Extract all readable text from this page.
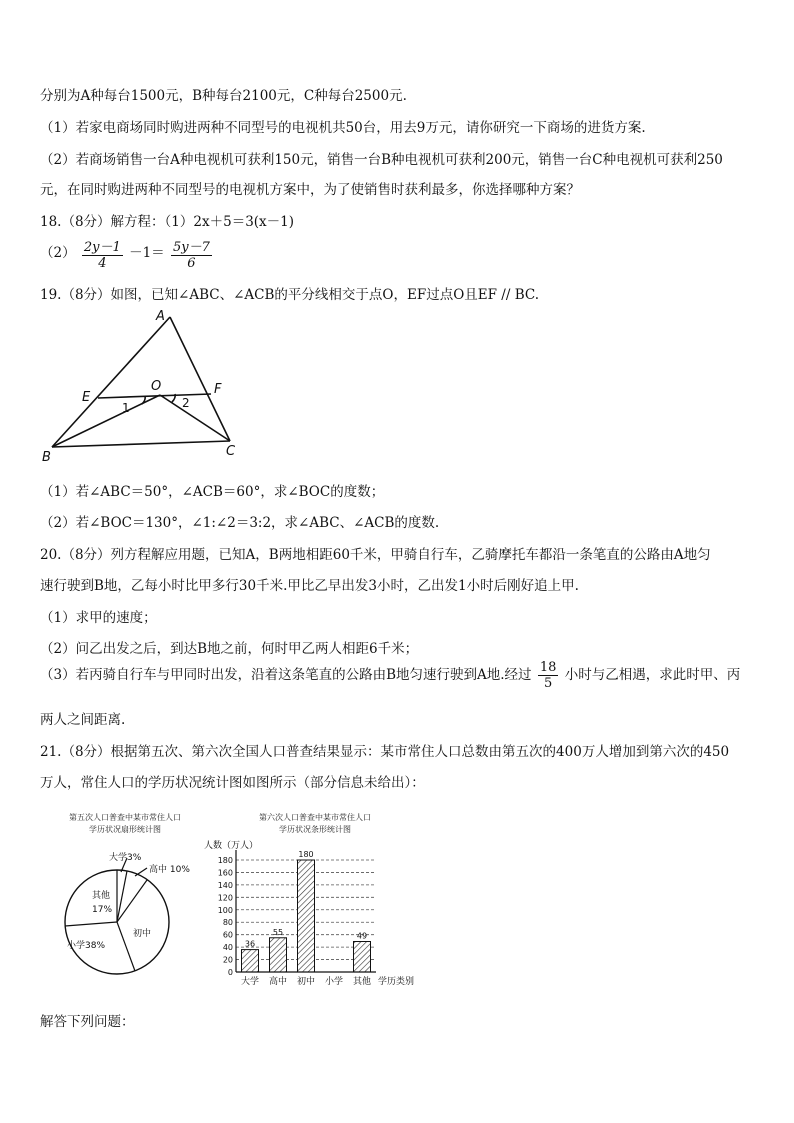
分别为A种每台1500元，B种每台2100元，C种每台2500元.
（1）若家电商场同时购进两种不同型号的电视机共50台，用去9万元，请你研究一下商场的进货方案.
（2）若商场销售一台A种电视机可获利150元，销售一台B种电视机可获利200元，销售一台C种电视机可获利250
元，在同时购进两种不同型号的电视机方案中，为了使销售时获利最多，你选择哪种方案？
18.（8分）解方程：（1）2x＋5＝3(x－1)
$(2) \frac{2y-1}{4} -1= \frac{5y-7}{6}$
19.（8分）如图，已知∠ABC、∠ACB的平分线相交于点O，EF过点O且EF // BC.
A
B	C
E
F
O
1	2
（1）若∠ABC＝50°，∠ACB＝60°，求∠BOC的度数；
（2）若∠BOC＝130°，∠1:∠2＝3:2，求∠ABC、∠ACB的度数.
20.（8分）列方程解应用题，已知A，B两地相距60千米，甲骑自行车，乙骑摩托车都沿一条笔直的公路由A地匀
速行驶到B地，乙每小时比甲多行30千米.甲比乙早出发3小时，乙出发1小时后刚好追上甲.
（1）求甲的速度；
（2）问乙出发之后，到达B地之前，何时甲乙两人相距6千米；
（3）若丙骑自行车与甲同时出发，沿着这条笔直的公路由B地匀速行驶到A地.经过 $\frac{18}{5}$ 小时与乙相遇，求此时甲、丙
两人之间距离.
21.（8分）根据第五次、第六次全国人口普查结果显示：某市常住人口总数由第五次的400万人增加到第六次的450
万人，常住人口的学历状况统计图如图所示（部分信息未给出）：
第五次人口普查中某市常住人口
学历状况扇形统计图
大学3%
高中 10%
其他
17%
小学38%
初中
第六次人口普查中某市常住人口
学历状况条形统计图
人数（万人）
学历类别
0
20
40
60
80
100
120
140
160
180
大学 高中 初中 小学 其他
36
55
180
49
解答下列问题：
